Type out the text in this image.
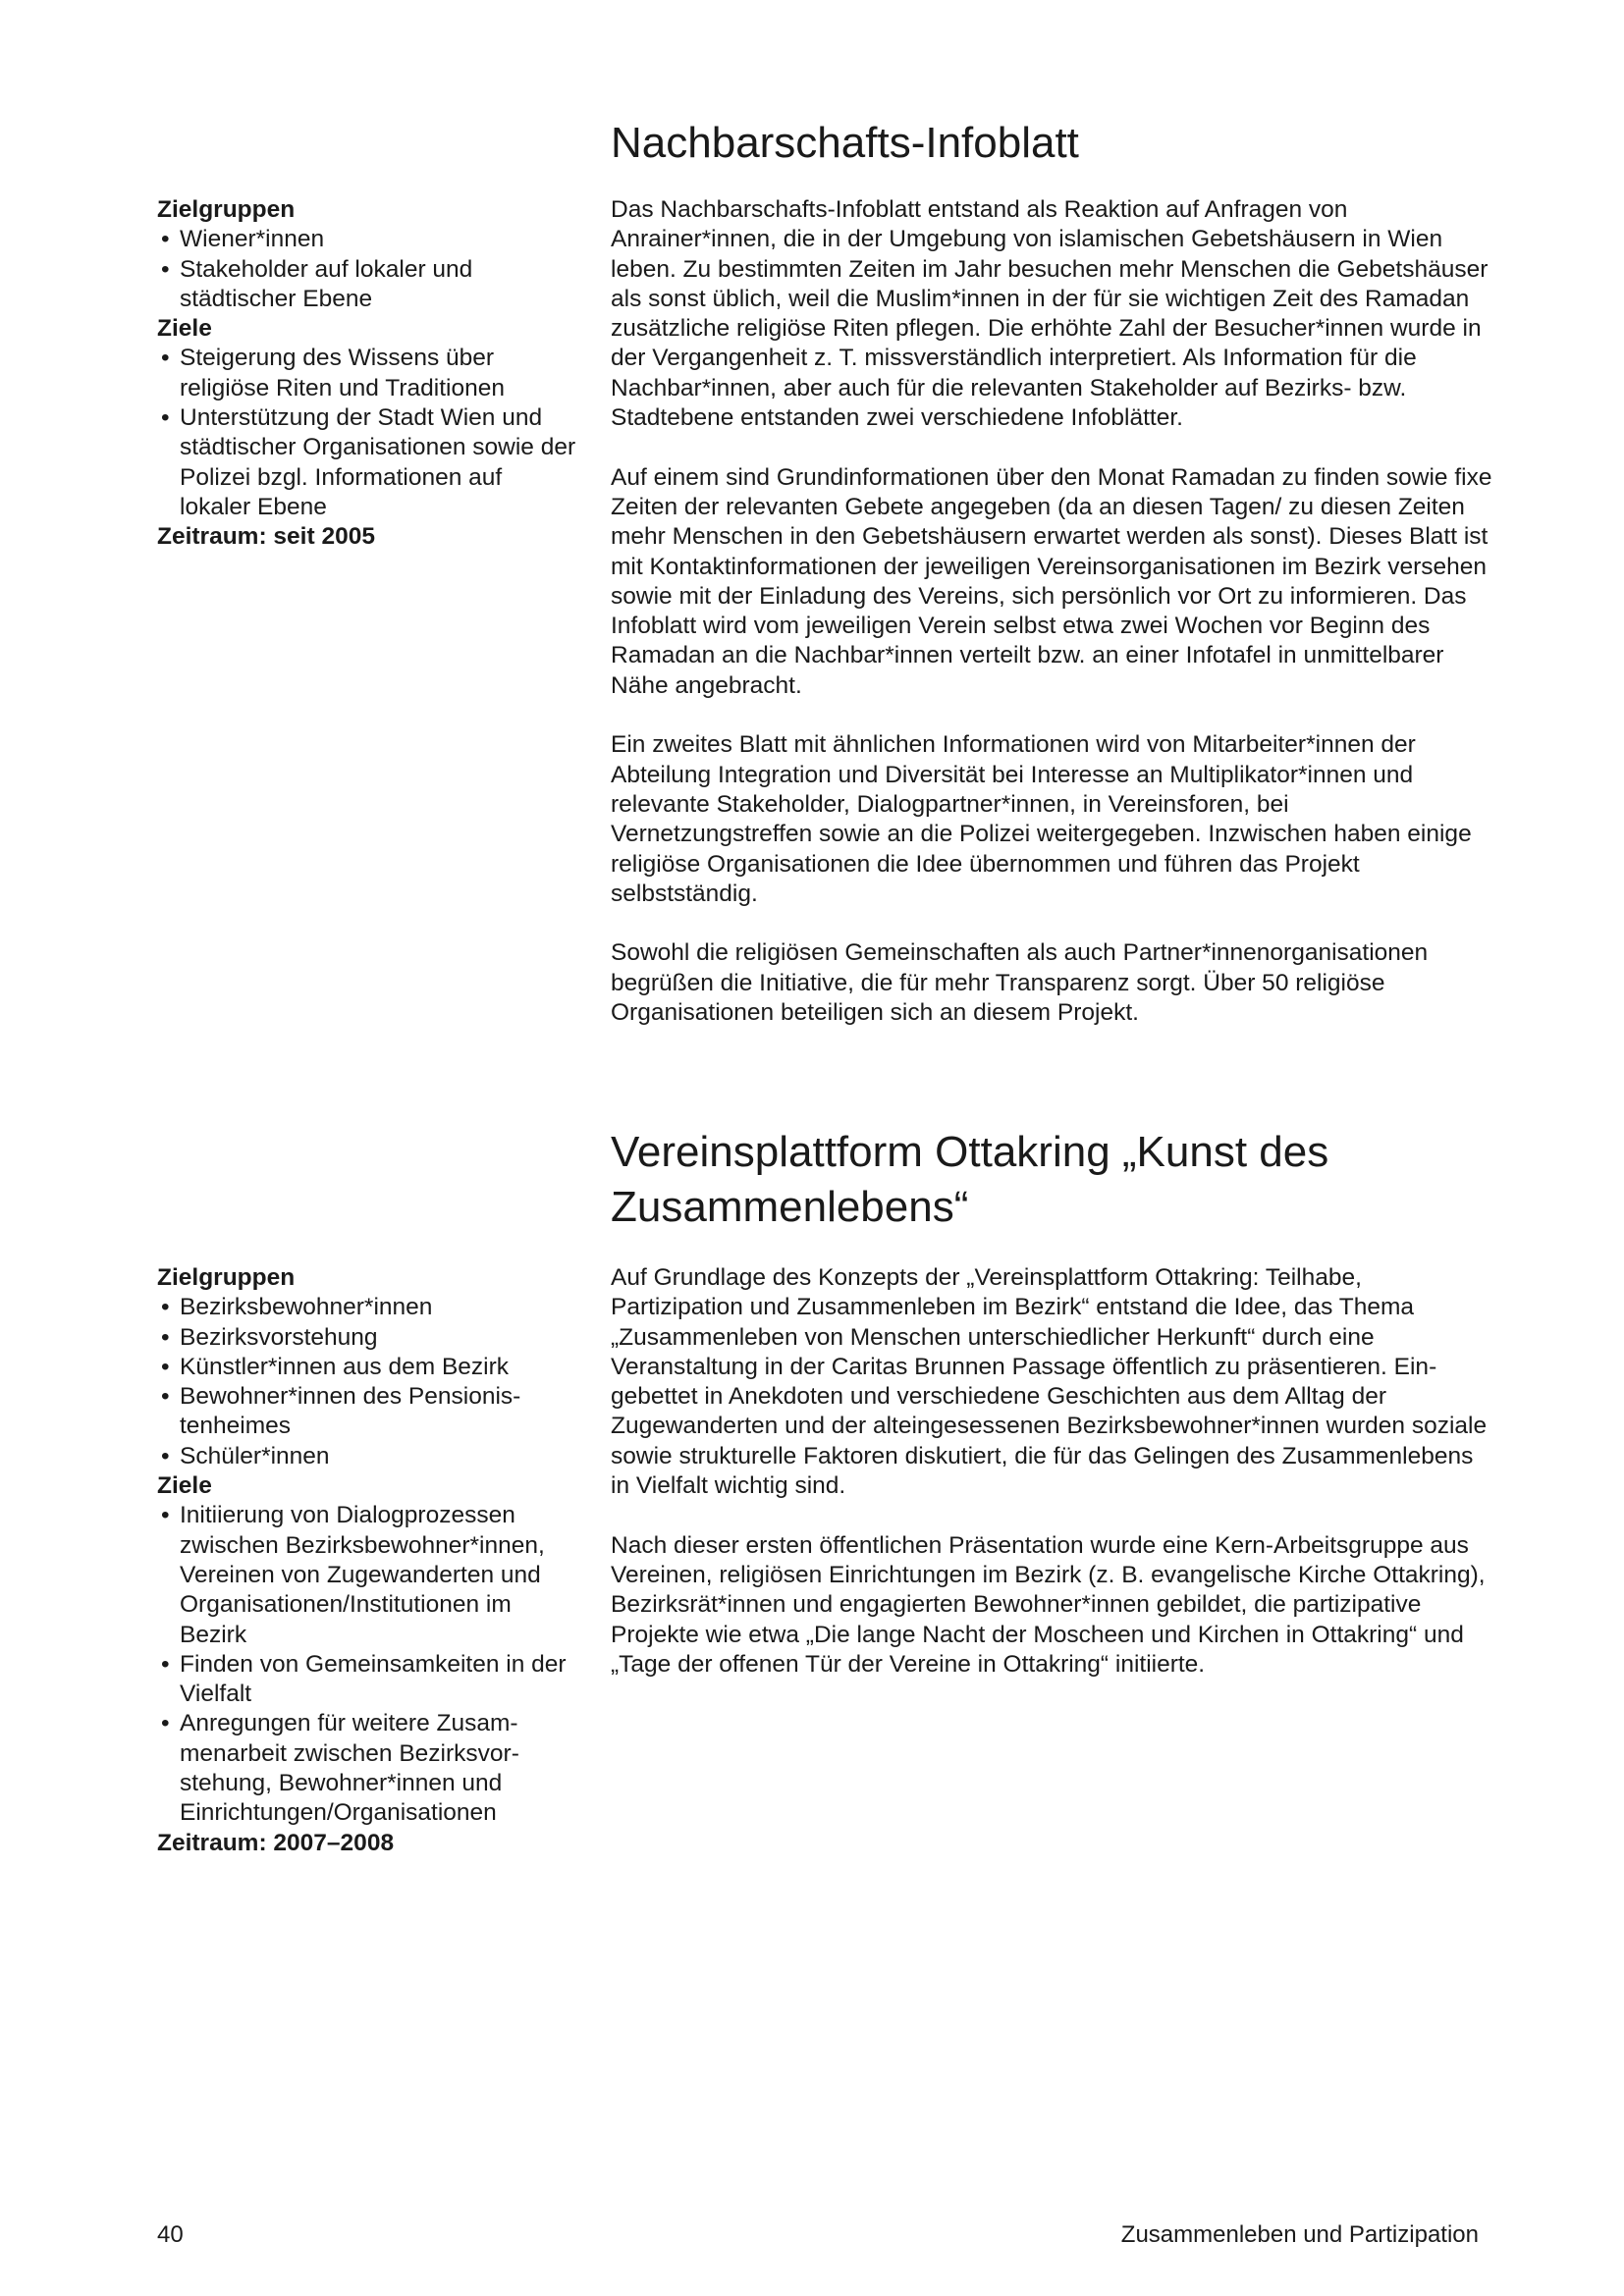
Nachbarschafts-Infoblatt
Zielgruppen
• Wiener*innen
• Stakeholder auf lokaler und städtischer Ebene
Ziele
• Steigerung des Wissens über religiöse Riten und Traditionen
• Unterstützung der Stadt Wien und städtischer Organisationen sowie der Polizei bzgl. Informationen auf lokaler Ebene
Zeitraum: seit 2005

Das Nachbarschafts-Infoblatt entstand als Reaktion auf Anfragen von Anrainer*innen, die in der Umgebung von islamischen Gebetshäusern in Wien leben. Zu bestimmten Zeiten im Jahr besuchen mehr Menschen die Gebetshäuser als sonst üblich, weil die Muslim*innen in der für sie wichtigen Zeit des Ramadan zusätzliche religiöse Riten pflegen. Die erhöhte Zahl der Besucher*innen wurde in der Vergangenheit z. T. missverständlich interpretiert. Als Information für die Nachbar*innen, aber auch für die relevanten Stakeholder auf Bezirks- bzw. Stadtebene entstanden zwei verschiedene Infoblätter.

Auf einem sind Grundinformationen über den Monat Ramadan zu finden sowie fixe Zeiten der relevanten Gebete angegeben (da an diesen Tagen/ zu diesen Zeiten mehr Menschen in den Gebetshäusern erwartet werden als sonst). Dieses Blatt ist mit Kontaktinformationen der jeweiligen Vereinsorganisationen im Bezirk versehen sowie mit der Einladung des Vereins, sich persönlich vor Ort zu informieren. Das Infoblatt wird vom jeweiligen Verein selbst etwa zwei Wochen vor Beginn des Ramadan an die Nachbar*innen verteilt bzw. an einer Infotafel in unmittelbarer Nähe angebracht.

Ein zweites Blatt mit ähnlichen Informationen wird von Mitarbeiter*innen der Abteilung Integration und Diversität bei Interesse an Multiplikator*innen und relevante Stakeholder, Dialogpartner*innen, in Vereinsforen, bei Vernetzungstreffen sowie an die Polizei weitergegeben. Inzwischen haben einige religiöse Organisationen die Idee übernommen und führen das Projekt selbstständig.

Sowohl die religiösen Gemeinschaften als auch Partner*innenorganisationen begrüßen die Initiative, die für mehr Transparenz sorgt. Über 50 religiöse Organisationen beteiligen sich an diesem Projekt.

Vereinsplattform Ottakring „Kunst des Zusammenlebens“
Zielgruppen
• Bezirksbewohner*innen
• Bezirksvorstehung
• Künstler*innen aus dem Bezirk
• Bewohner*innen des Pensionistenheimes
• Schüler*innen
Ziele
• Initiierung von Dialogprozessen zwischen Bezirksbewohner*innen, Vereinen von Zugewanderten und Organisationen/Institutionen im Bezirk
• Finden von Gemeinsamkeiten in der Vielfalt
• Anregungen für weitere Zusammenarbeit zwischen Bezirksvorstehung, Bewohner*innen und Einrichtungen/Organisationen
Zeitraum: 2007–2008

Auf Grundlage des Konzepts der „Vereinsplattform Ottakring: Teilhabe, Partizipation und Zusammenleben im Bezirk“ entstand die Idee, das Thema „Zusammenleben von Menschen unterschiedlicher Herkunft“ durch eine Veranstaltung in der Caritas Brunnen Passage öffentlich zu präsentieren. Eingebettet in Anekdoten und verschiedene Geschichten aus dem Alltag der Zugewanderten und der alteingesessenen Bezirksbewohner*innen wurden soziale sowie strukturelle Faktoren diskutiert, die für das Gelingen des Zusammenlebens in Vielfalt wichtig sind.

Nach dieser ersten öffentlichen Präsentation wurde eine Kern-Arbeitsgruppe aus Vereinen, religiösen Einrichtungen im Bezirk (z. B. evangelische Kirche Ottakring), Bezirksrät*innen und engagierten Bewohner*innen gebildet, die partizipative Projekte wie etwa „Die lange Nacht der Moscheen und Kirchen in Ottakring“ und „Tage der offenen Tür der Vereine in Ottakring“ initiierte.

40	Zusammenleben und Partizipation
